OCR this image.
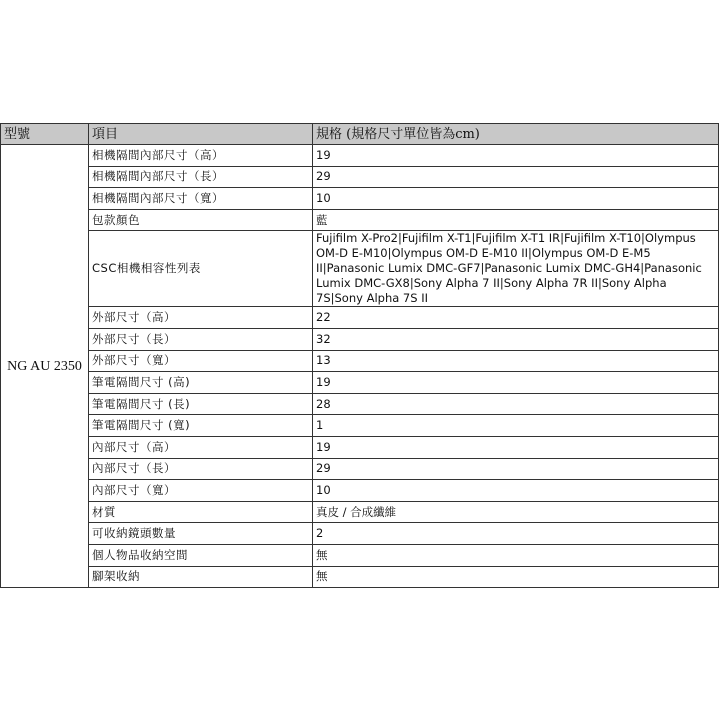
型號	項目	規格 (規格尺寸單位皆為cm)
NG AU 2350	相機隔間內部尺寸（高）	19
	相機隔間內部尺寸（長）	29
	相機隔間內部尺寸（寬）	10
	包款顏色	藍
	CSC相機相容性列表	Fujifilm X-Pro2|Fujifilm X-T1|Fujifilm X-T1 IR|Fujifilm X-T10|Olympus OM-D E-M10|Olympus OM-D E-M10 II|Olympus OM-D E-M5 II|Panasonic Lumix DMC-GF7|Panasonic Lumix DMC-GH4|Panasonic Lumix DMC-GX8|Sony Alpha 7 II|Sony Alpha 7R II|Sony Alpha 7S|Sony Alpha 7S II
	外部尺寸（高）	22
	外部尺寸（長）	32
	外部尺寸（寬）	13
	筆電隔間尺寸 (高)	19
	筆電隔間尺寸 (長)	28
	筆電隔間尺寸 (寬)	1
	內部尺寸（高）	19
	內部尺寸（長）	29
	內部尺寸（寬）	10
	材質	真皮 / 合成纖維
	可收納鏡頭數量	2
	個人物品收納空間	無
	腳架收納	無
